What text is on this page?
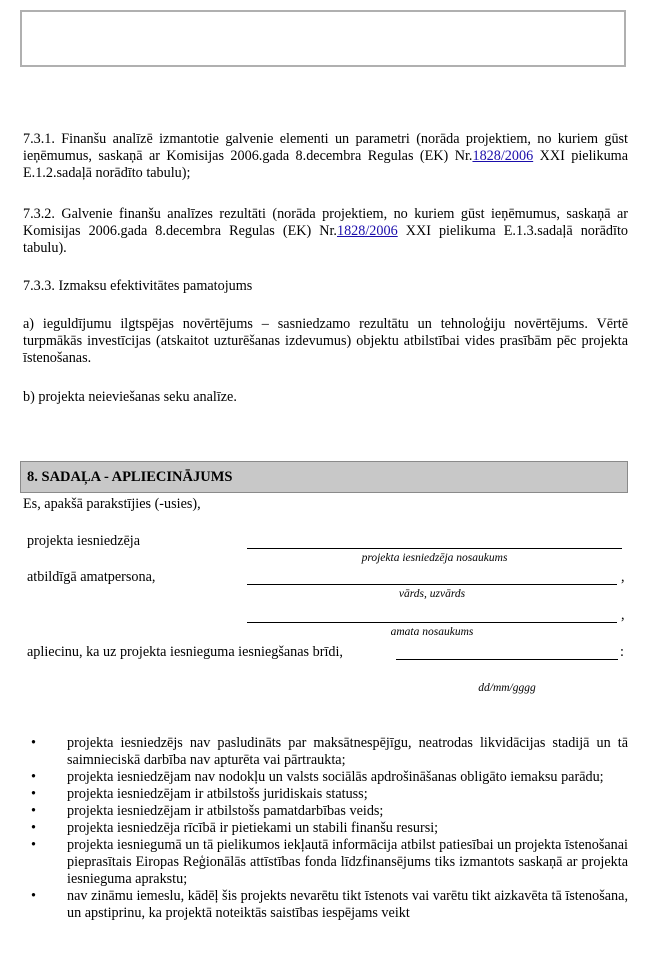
7.3.1. Finanšu analīzē izmantotie galvenie elementi un parametri (norāda projektiem, no kuriem gūst ieņēmumus, saskaņā ar Komisijas 2006.gada 8.decembra Regulas (EK) Nr.1828/2006 XXI pielikuma E.1.2.sadaļā norādīto tabulu);
7.3.2. Galvenie finanšu analīzes rezultāti (norāda projektiem, no kuriem gūst ieņēmumus, saskaņā ar Komisijas 2006.gada 8.decembra Regulas (EK) Nr.1828/2006 XXI pielikuma E.1.3.sadaļā norādīto tabulu).
7.3.3. Izmaksu efektivitātes pamatojums
a) ieguldījumu ilgtspējas novērtējums – sasniedzamo rezultātu un tehnoloģiju novērtējums. Vērtē turpmākās investīcijas (atskaitot uzturēšanas izdevumus) objektu atbilstībai vides prasībām pēc projekta īstenošanas.
b) projekta neieviešanas seku analīze.
8. SADAĻA - APLIECINĀJUMS
Es, apakšā parakstījies (-usies),
projekta iesniedzēja
projekta iesniedzēja nosaukums
atbildīgā amatpersona,	,
vārds, uzvārds
,
amata nosaukums
apliecinu, ka uz projekta iesnieguma iesniegšanas brīdi,	:
dd/mm/gggg
• projekta iesniedzējs nav pasludināts par maksātnespējīgu, neatrodas likvidācijas stadijā un tā saimnieciskā darbība nav apturēta vai pārtraukta;
• projekta iesniedzējam nav nodokļu un valsts sociālās apdrošināšanas obligāto iemaksu parādu;
• projekta iesniedzējam ir atbilstošs juridiskais statuss;
• projekta iesniedzējam ir atbilstošs pamatdarbības veids;
• projekta iesniedzēja rīcībā ir pietiekami un stabili finanšu resursi;
• projekta iesniegumā un tā pielikumos iekļautā informācija atbilst patiesībai un projekta īstenošanai pieprasītais Eiropas Reģionālās attīstības fonda līdzfinansējums tiks izmantots saskaņā ar projekta iesnieguma aprakstu;
• nav zināmu iemeslu, kādēļ šis projekts nevarētu tikt īstenots vai varētu tikt aizkavēta tā īstenošana, un apstiprinu, ka projektā noteiktās saistības iespējams veikt
